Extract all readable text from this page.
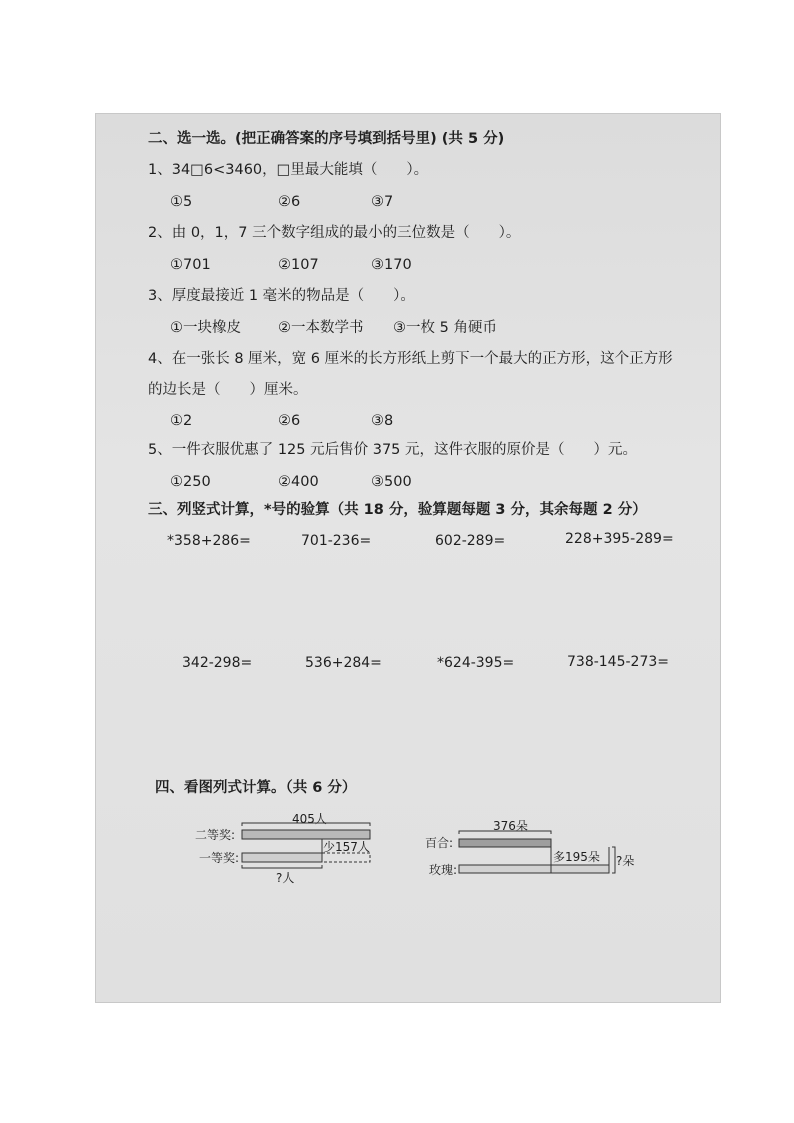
二、选一选。(把正确答案的序号填到括号里) (共 5 分)
1、34□6<3460，□里最大能填（　　）。
①5	②6	③7
2、由 0，1，7 三个数字组成的最小的三位数是（　　）。
①701	②107	③170
3、厚度最接近 1 毫米的物品是（　　）。
①一块橡皮	②一本数学书 ③一枚 5 角硬币
4、在一张长 8 厘米，宽 6 厘米的长方形纸上剪下一个最大的正方形，这个正方形
的边长是（　　）厘米。
①2	②6	③8
5、一件衣服优惠了 125 元后售价 375 元，这件衣服的原价是（　　）元。
①250	②400	③500
三、列竖式计算，*号的验算（共 18 分，验算题每题 3 分，其余每题 2 分）
*358+286=	701-236=	602-289=	228+395-289=
342-298=	536+284=	*624-395=	738-145-273=
四、看图列式计算。（共 6 分）
405人
二等奖:
一等奖:
少157人
?人
376朵
百合:
玫瑰:
多195朵 ?朵
